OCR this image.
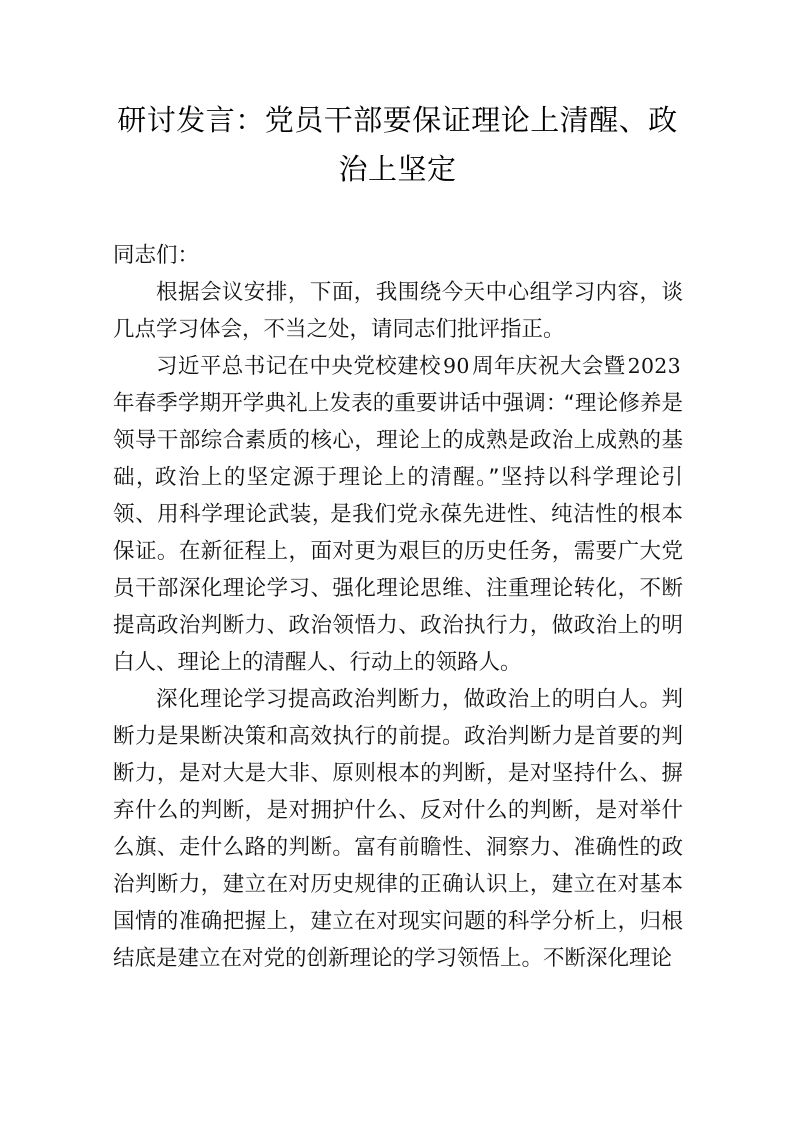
研讨发言：党员干部要保证理论上清醒、政
治上坚定

同志们：

根据会议安排，下面，我围绕今天中心组学习内容，谈几点学习体会，不当之处，请同志们批评指正。

习近平总书记在中央党校建校90周年庆祝大会暨2023年春季学期开学典礼上发表的重要讲话中强调：“理论修养是领导干部综合素质的核心，理论上的成熟是政治上成熟的基础，政治上的坚定源于理论上的清醒。”坚持以科学理论引领、用科学理论武装，是我们党永葆先进性、纯洁性的根本保证。在新征程上，面对更为艰巨的历史任务，需要广大党员干部深化理论学习、强化理论思维、注重理论转化，不断提高政治判断力、政治领悟力、政治执行力，做政治上的明白人、理论上的清醒人、行动上的领路人。

深化理论学习提高政治判断力，做政治上的明白人。判断力是果断决策和高效执行的前提。政治判断力是首要的判断力，是对大是大非、原则根本的判断，是对坚持什么、摒弃什么的判断，是对拥护什么、反对什么的判断，是对举什么旗、走什么路的判断。富有前瞻性、洞察力、准确性的政治判断力，建立在对历史规律的正确认识上，建立在对基本国情的准确把握上，建立在对现实问题的科学分析上，归根结底是建立在对党的创新理论的学习领悟上。不断深化理论
